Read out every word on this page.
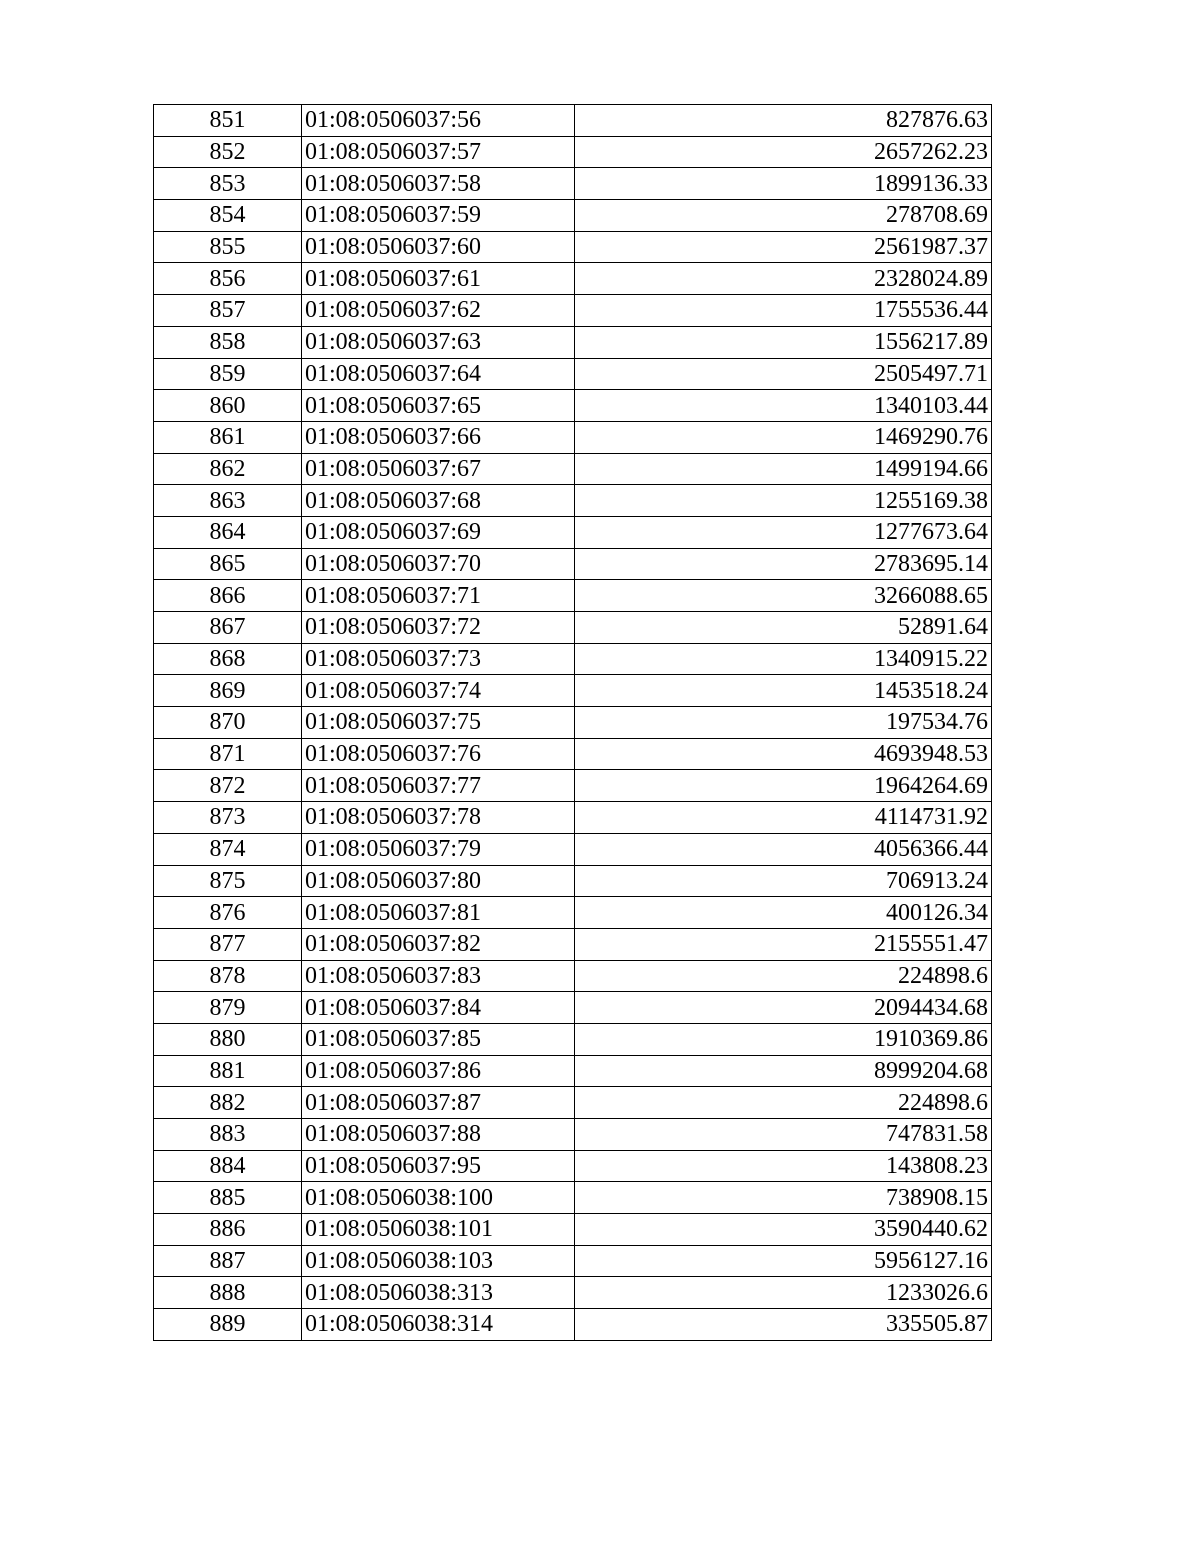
851	01:08:0506037:56	827876.63
852	01:08:0506037:57	2657262.23
853	01:08:0506037:58	1899136.33
854	01:08:0506037:59	278708.69
855	01:08:0506037:60	2561987.37
856	01:08:0506037:61	2328024.89
857	01:08:0506037:62	1755536.44
858	01:08:0506037:63	1556217.89
859	01:08:0506037:64	2505497.71
860	01:08:0506037:65	1340103.44
861	01:08:0506037:66	1469290.76
862	01:08:0506037:67	1499194.66
863	01:08:0506037:68	1255169.38
864	01:08:0506037:69	1277673.64
865	01:08:0506037:70	2783695.14
866	01:08:0506037:71	3266088.65
867	01:08:0506037:72	52891.64
868	01:08:0506037:73	1340915.22
869	01:08:0506037:74	1453518.24
870	01:08:0506037:75	197534.76
871	01:08:0506037:76	4693948.53
872	01:08:0506037:77	1964264.69
873	01:08:0506037:78	4114731.92
874	01:08:0506037:79	4056366.44
875	01:08:0506037:80	706913.24
876	01:08:0506037:81	400126.34
877	01:08:0506037:82	2155551.47
878	01:08:0506037:83	224898.6
879	01:08:0506037:84	2094434.68
880	01:08:0506037:85	1910369.86
881	01:08:0506037:86	8999204.68
882	01:08:0506037:87	224898.6
883	01:08:0506037:88	747831.58
884	01:08:0506037:95	143808.23
885	01:08:0506038:100	738908.15
886	01:08:0506038:101	3590440.62
887	01:08:0506038:103	5956127.16
888	01:08:0506038:313	1233026.6
889	01:08:0506038:314	335505.87
